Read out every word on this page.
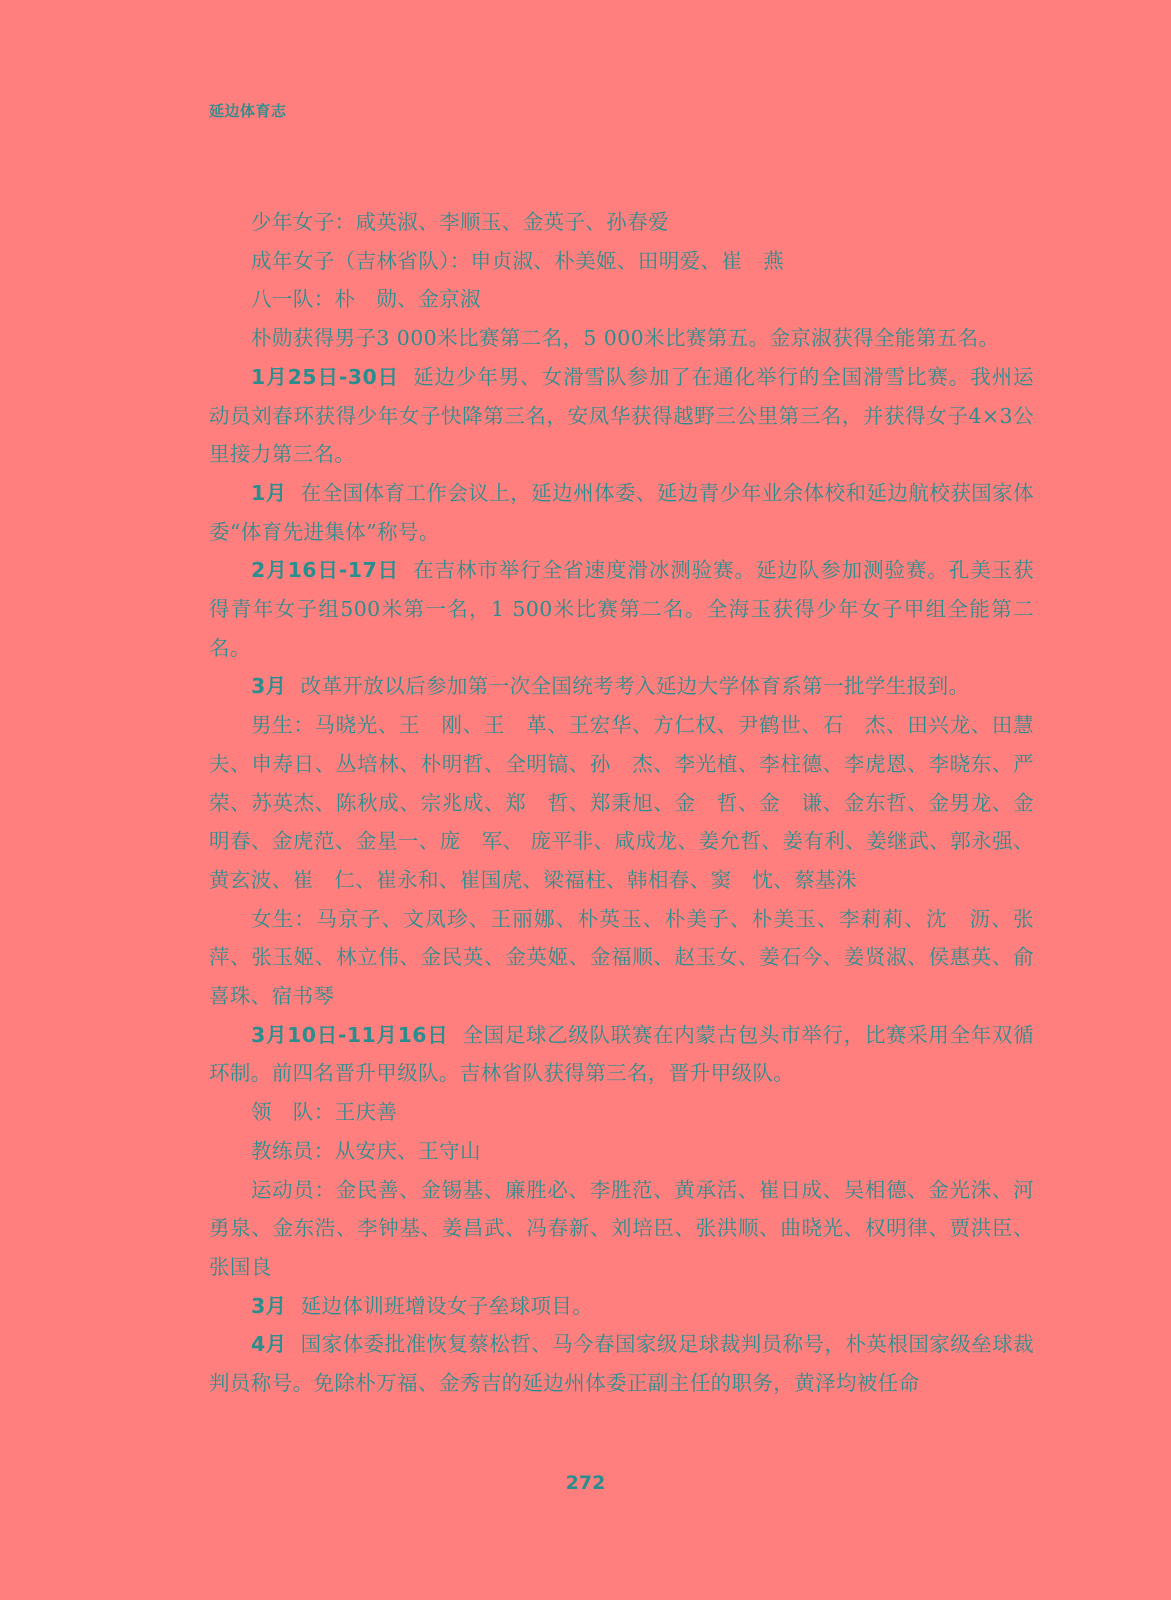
延边体育志

少年女子：咸英淑、李顺玉、金英子、孙春爱

成年女子（吉林省队）：申贞淑、朴美姬、田明爱、崔　燕

八一队：朴　勋、金京淑

朴勋获得男子3 000米比赛第二名，5 000米比赛第五。金京淑获得全能第五名。

1月25日-30日 延边少年男、女滑雪队参加了在通化举行的全国滑雪比赛。我州运动员刘春环获得少年女子快降第三名，安凤华获得越野三公里第三名，并获得女子4×3公里接力第三名。

1月 在全国体育工作会议上，延边州体委、延边青少年业余体校和延边航校获国家体委“体育先进集体”称号。

2月16日-17日 在吉林市举行全省速度滑冰测验赛。延边队参加测验赛。孔美玉获得青年女子组500米第一名，1 500米比赛第二名。全海玉获得少年女子甲组全能第二名。

3月 改革开放以后参加第一次全国统考考入延边大学体育系第一批学生报到。

男生：马晓光、王　刚、王　革、王宏华、方仁权、尹鹤世、石　杰、田兴龙、田慧夫、申寿日、丛培林、朴明哲、全明镐、孙　杰、李光植、李柱德、李虎恩、李晓东、严　荣、苏英杰、陈秋成、宗兆成、郑　哲、郑秉旭、金　哲、金　谦、金东哲、金男龙、金明春、金虎范、金星一、庞　军、 庞平非、咸成龙、姜允哲、姜有利、姜继武、郭永强、黄玄波、崔　仁、崔永和、崔国虎、梁福柱、韩相春、窦　忱、蔡基洙

女生：马京子、文凤珍、王丽娜、朴英玉、朴美子、朴美玉、李莉莉、沈　沥、张　萍、张玉姬、林立伟、金民英、金英姬、金福顺、赵玉女、姜石今、姜贤淑、侯惠英、俞喜珠、宿书琴

3月10日-11月16日 全国足球乙级队联赛在内蒙古包头市举行，比赛采用全年双循环制。前四名晋升甲级队。吉林省队获得第三名，晋升甲级队。

领　队：王庆善

教练员：从安庆、王守山

运动员：金民善、金锡基、廉胜必、李胜范、黄承活、崔日成、吴相德、金光洙、河勇泉、金东浩、李钟基、姜昌武、冯春新、刘培臣、张洪顺、曲晓光、权明律、贾洪臣、张国良

3月 延边体训班增设女子垒球项目。

4月 国家体委批准恢复蔡松哲、马今春国家级足球裁判员称号，朴英根国家级垒球裁判员称号。免除朴万福、金秀吉的延边州体委正副主任的职务，黄泽均被任命

272
